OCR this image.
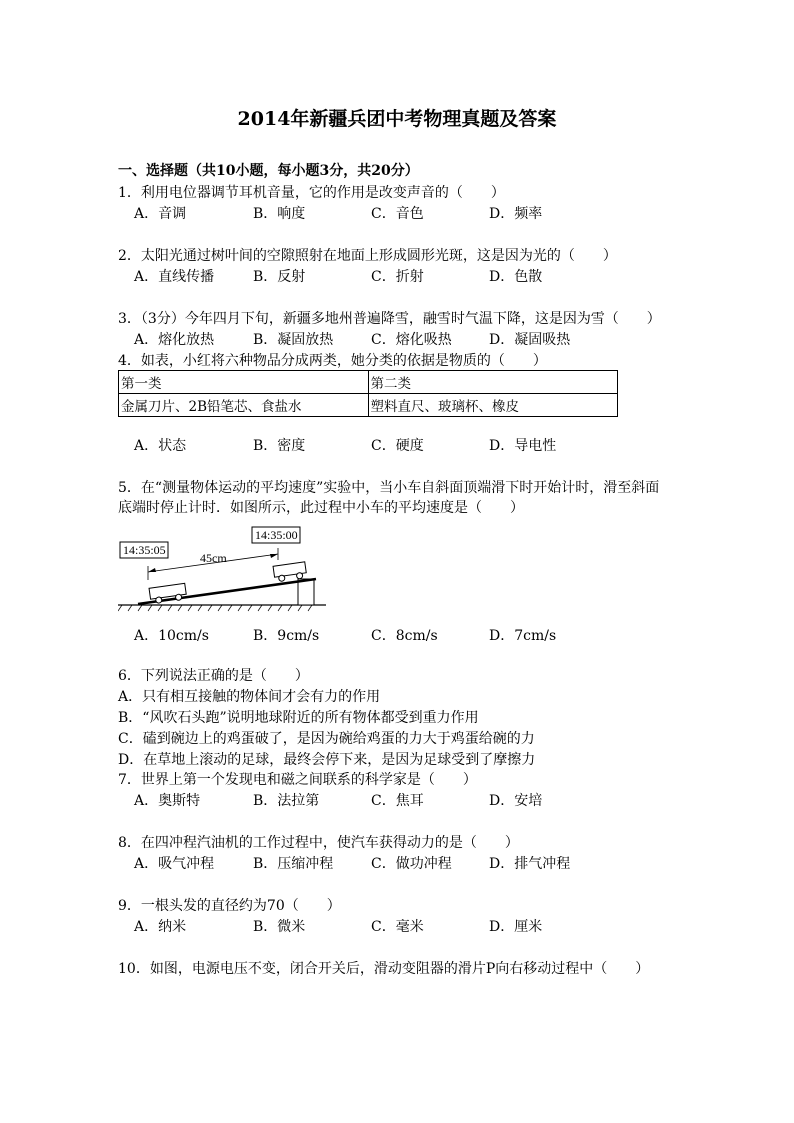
2014年新疆兵团中考物理真题及答案
一、选择题（共10小题，每小题3分，共20分）
1．利用电位器调节耳机音量，它的作用是改变声音的（　　）
A．音调	B．响度	C．音色	D．频率
2．太阳光通过树叶间的空隙照射在地面上形成圆形光斑，这是因为光的（　　）
A．直线传播	B．反射	C．折射	D．色散
3．（3分）今年四月下旬，新疆多地州普遍降雪，融雪时气温下降，这是因为雪（　　）
A．熔化放热	B．凝固放热	C．熔化吸热	D．凝固吸热
4．如表，小红将六种物品分成两类，她分类的依据是物质的（　　）
第一类	第二类
金属刀片、2B铅笔芯、食盐水	塑料直尺、玻璃杯、橡皮
A．状态	B．密度	C．硬度	D．导电性
5．在“测量物体运动的平均速度”实验中，当小车自斜面顶端滑下时开始计时，滑至斜面
底端时停止计时．如图所示，此过程中小车的平均速度是（　　）
14:35:05
14:35:00
45cm
A．10cm/s	B．9cm/s	C．8cm/s	D．7cm/s
6．下列说法正确的是（　　）
A．只有相互接触的物体间才会有力的作用
B．“风吹石头跑”说明地球附近的所有物体都受到重力作用
C．磕到碗边上的鸡蛋破了，是因为碗给鸡蛋的力大于鸡蛋给碗的力
D．在草地上滚动的足球，最终会停下来，是因为足球受到了摩擦力
7．世界上第一个发现电和磁之间联系的科学家是（　　）
A．奥斯特	B．法拉第	C．焦耳	D．安培
8．在四冲程汽油机的工作过程中，使汽车获得动力的是（　　）
A．吸气冲程	B．压缩冲程	C．做功冲程	D．排气冲程
9．一根头发的直径约为70（　　）
A．纳米	B．微米	C．毫米	D．厘米
10．如图，电源电压不变，闭合开关后，滑动变阻器的滑片P向右移动过程中（　　）
